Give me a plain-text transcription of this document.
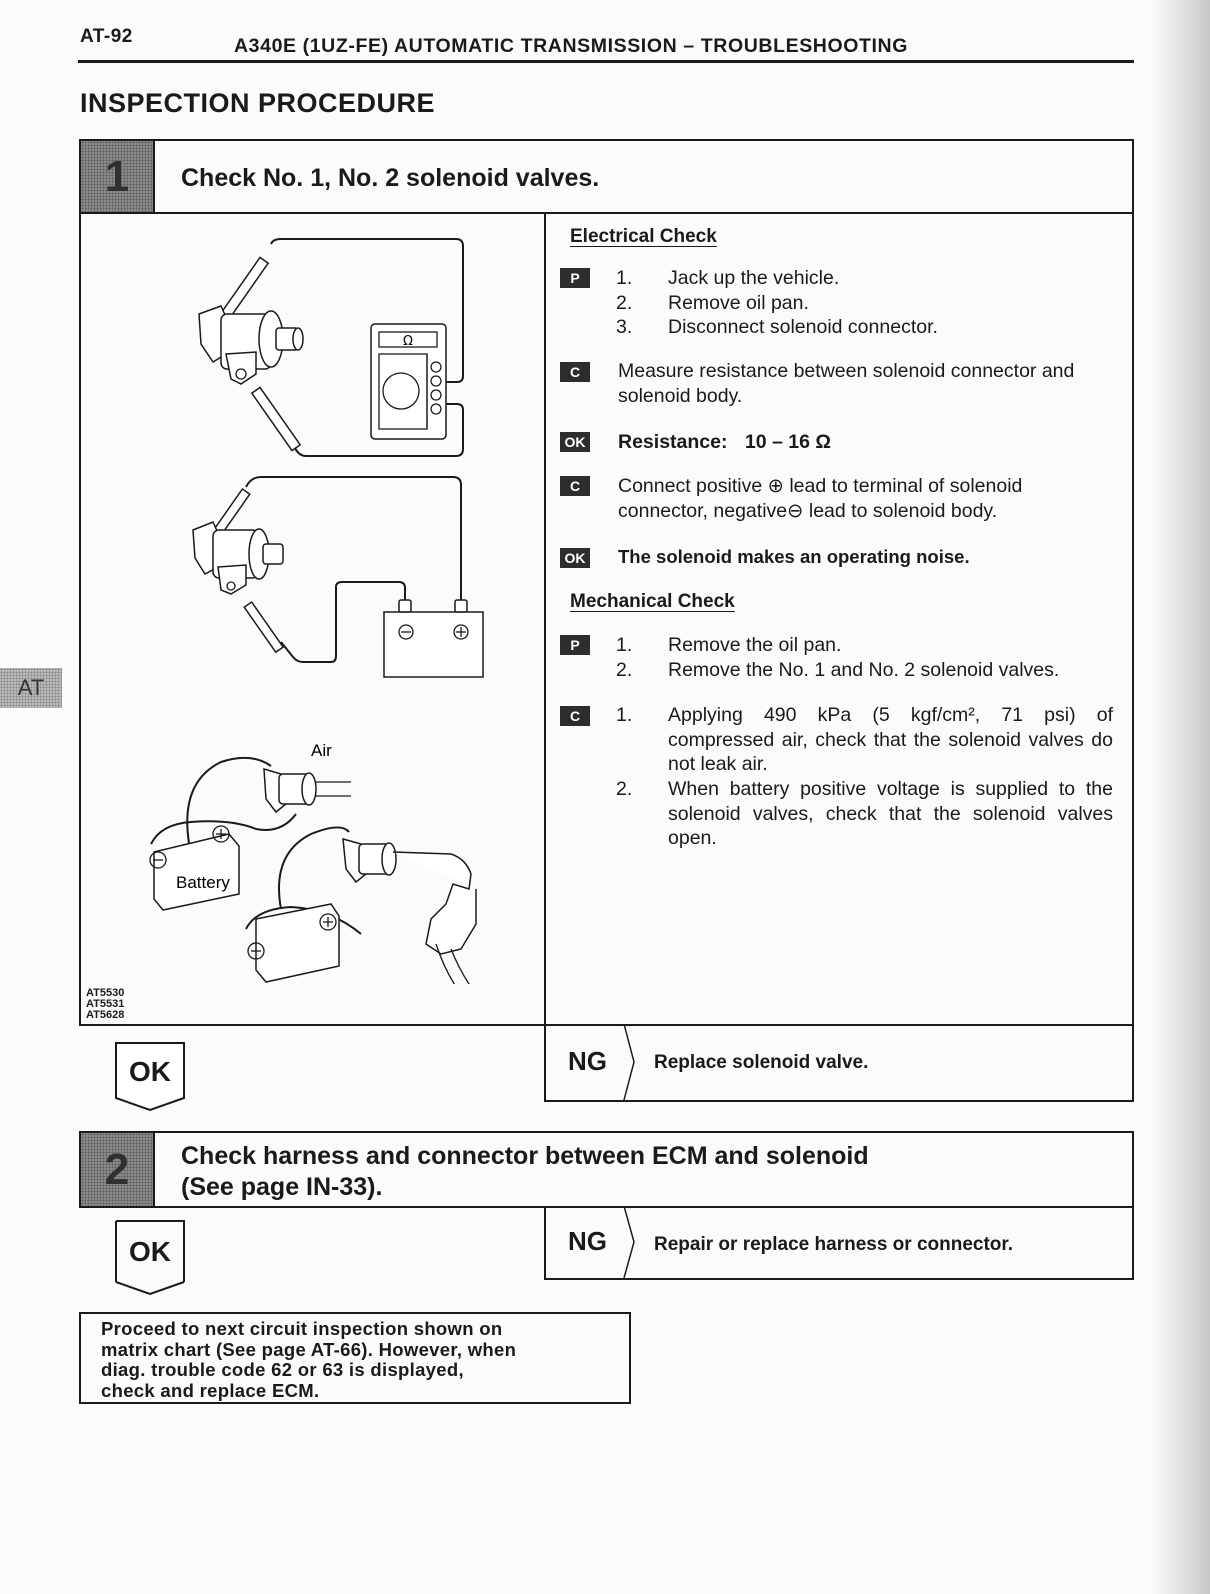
AT-92	A340E (1UZ-FE) AUTOMATIC TRANSMISSION – TROUBLESHOOTING
INSPECTION PROCEDURE
AT
1	Check No. 1, No. 2 solenoid valves.
Ω
Air
Battery
AT5530
AT5531
AT5628
Electrical Check
P	1. Jack up the vehicle.
2. Remove oil pan.
3. Disconnect solenoid connector.
C	Measure resistance between solenoid connector and solenoid body.
OK Resistance: 10 – 16 Ω
C	Connect positive ⊕ lead to terminal of solenoid connector, negative⊖ lead to solenoid body.
OK The solenoid makes an operating noise.
Mechanical Check
P	1. Remove the oil pan.
2. Remove the No. 1 and No. 2 solenoid valves.
C	1. Applying 490 kPa (5 kgf/cm², 71 psi) of compressed air, check that the solenoid valves do not leak air.
2. When battery positive voltage is supplied to the solenoid valves, check that the solenoid valves open.
OK	NG Replace solenoid valve.
2	Check harness and connector between ECM and solenoid
(See page IN-33).
OK	NG Repair or replace harness or connector.
Proceed to next circuit inspection shown on
matrix chart (See page AT-66). However, when
diag. trouble code 62 or 63 is displayed,
check and replace ECM.
